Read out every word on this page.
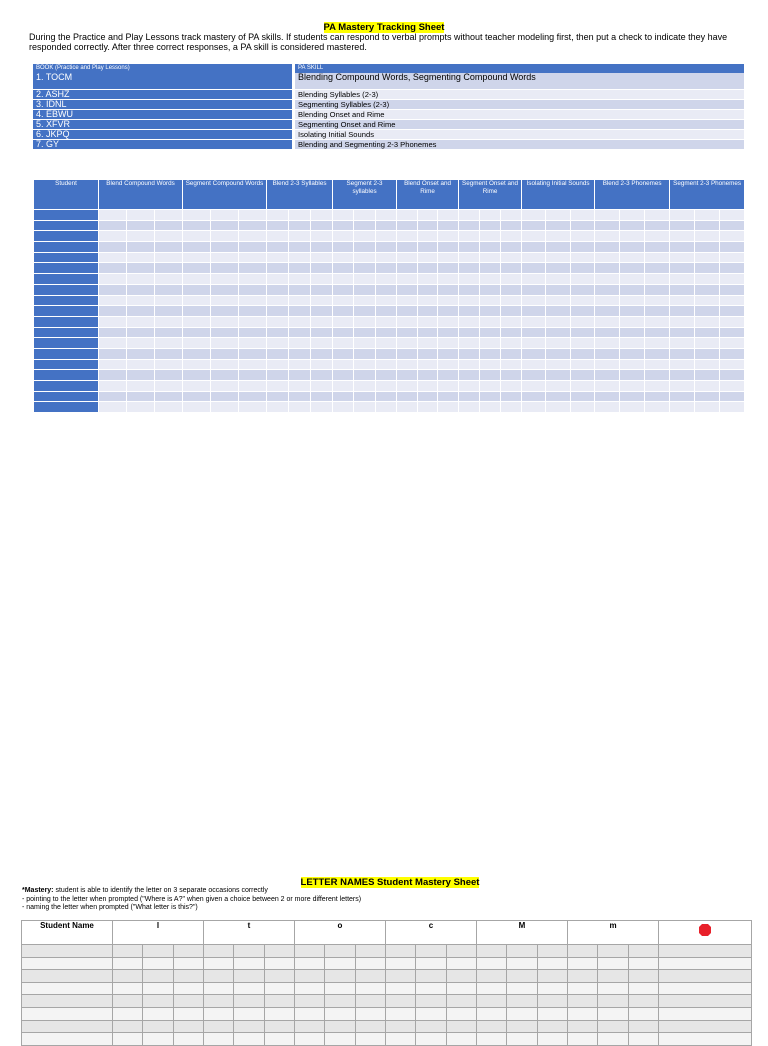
PA Mastery Tracking Sheet
During the Practice and Play Lessons track mastery of PA skills. If students can respond to verbal prompts without teacher modeling first, then put a check to indicate they have responded correctly. After three correct responses, a PA skill is considered mastered.
BOOK (Practice and Play Lessons)	PA SKILL
1. TOCM	Blending Compound Words, Segmenting Compound Words
2. ASHZ	Blending Syllables (2-3)
3. IDNL	Segmenting Syllables (2-3)
4. EBWU	Blending Onset and Rime
5. XFVR	Segmenting Onset and Rime
6. JKPQ	Isolating Initial Sounds
7. GY	Blending and Segmenting 2-3 Phonemes
Student	Blend Compound Words			Segment Compound Words			Blend 2-3 Syllables			Segment 2-3 syllables			Blend Onset and Rime			Segment Onset and Rime			Isolating Initial Sounds			Blend 2-3 Phonemes			Segment 2-3 Phonemes		

LETTER NAMES Student Mastery Sheet
*Mastery: student is able to identify the letter on 3 separate occasions correctly
- pointing to the letter when prompted ("Where is A?" when given a choice between 2 or more different letters)
- naming the letter when prompted ("What letter is this?")
Student Name	l			t			o			c			M			m	
